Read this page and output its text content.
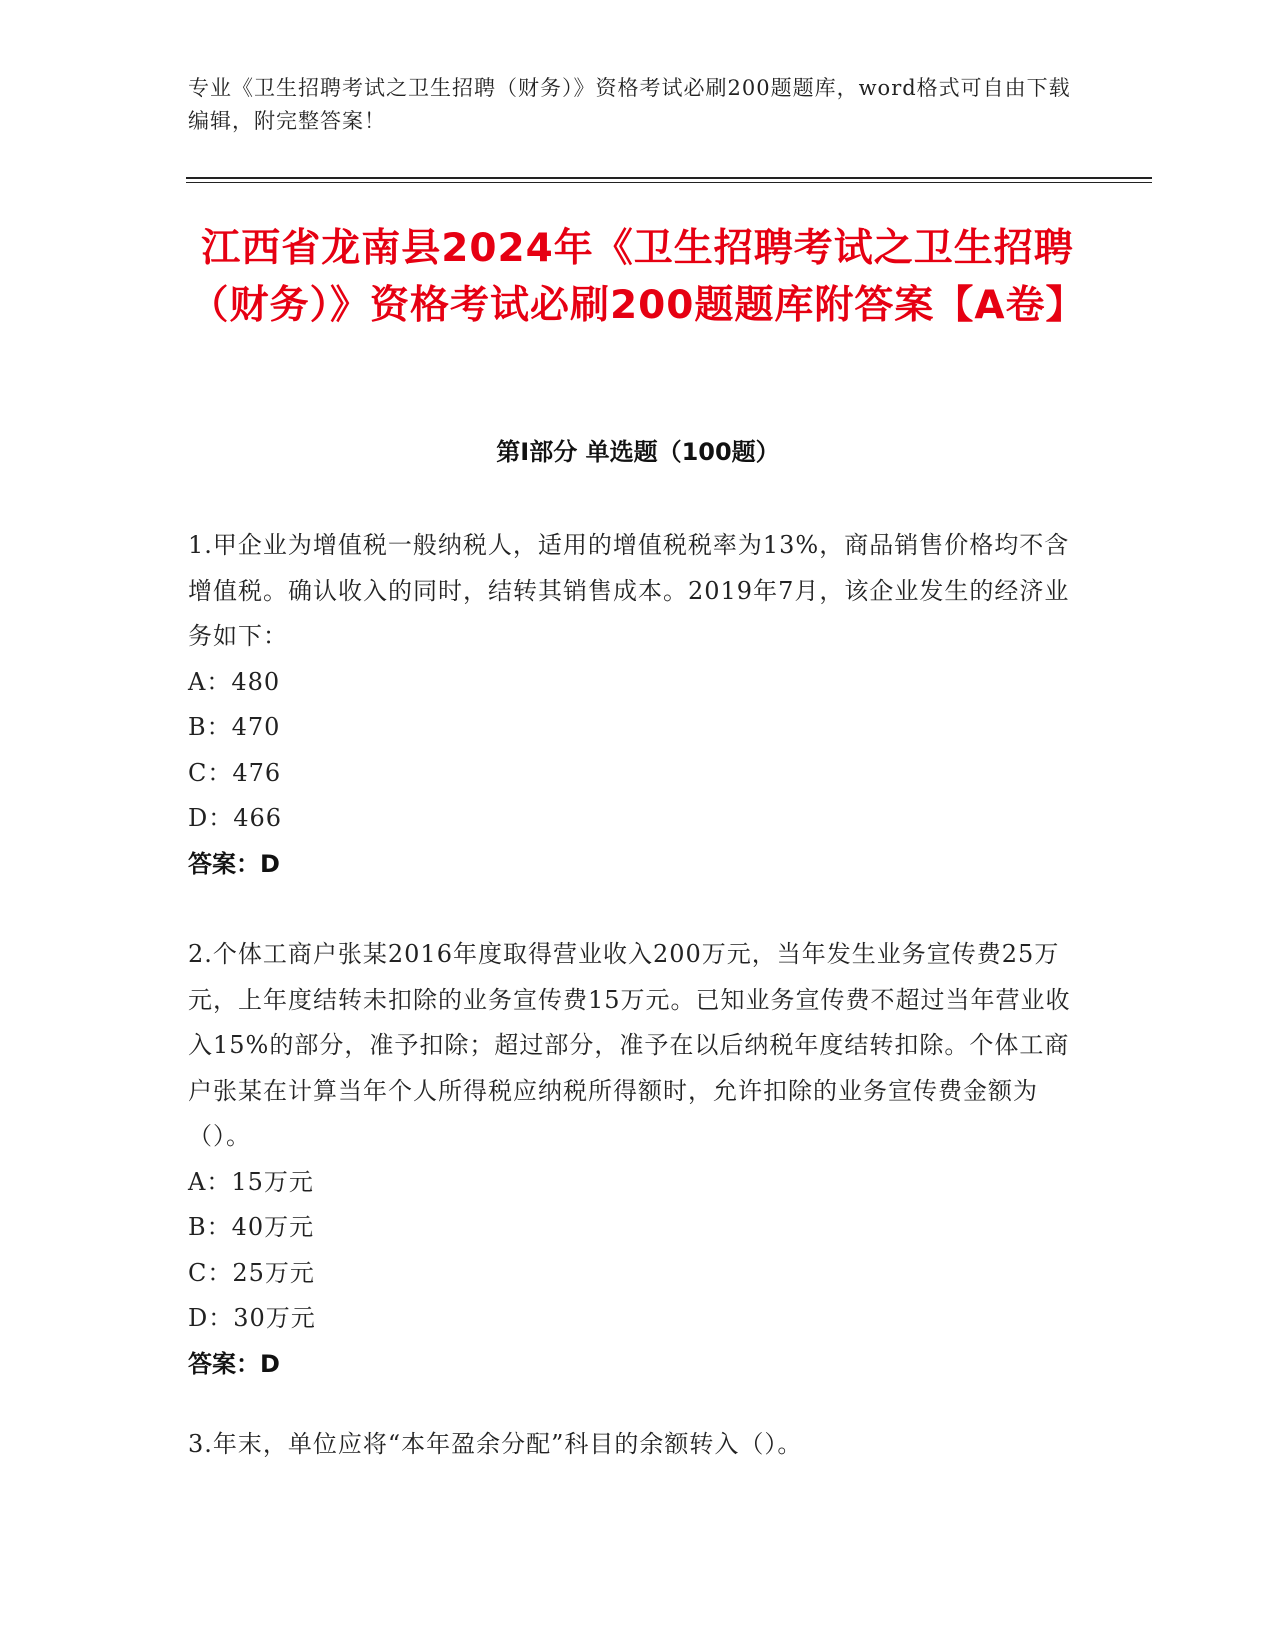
专业《卫生招聘考试之卫生招聘（财务）》资格考试必刷200题题库，word格式可自由下载编辑，附完整答案！
江西省龙南县2024年《卫生招聘考试之卫生招聘（财务）》资格考试必刷200题题库附答案【A卷】
第Ⅰ部分 单选题（100题）
1.甲企业为增值税一般纳税人，适用的增值税税率为13%，商品销售价格均不含增值税。确认收入的同时，结转其销售成本。2019年7月，该企业发生的经济业务如下：
A：480
B：470
C：476
D：466
答案：D
2.个体工商户张某2016年度取得营业收入200万元，当年发生业务宣传费25万元，上年度结转未扣除的业务宣传费15万元。已知业务宣传费不超过当年营业收入15%的部分，准予扣除；超过部分，准予在以后纳税年度结转扣除。个体工商户张某在计算当年个人所得税应纳税所得额时，允许扣除的业务宣传费金额为（）。
A：15万元
B：40万元
C：25万元
D：30万元
答案：D
3.年末，单位应将“本年盈余分配”科目的余额转入（）。
